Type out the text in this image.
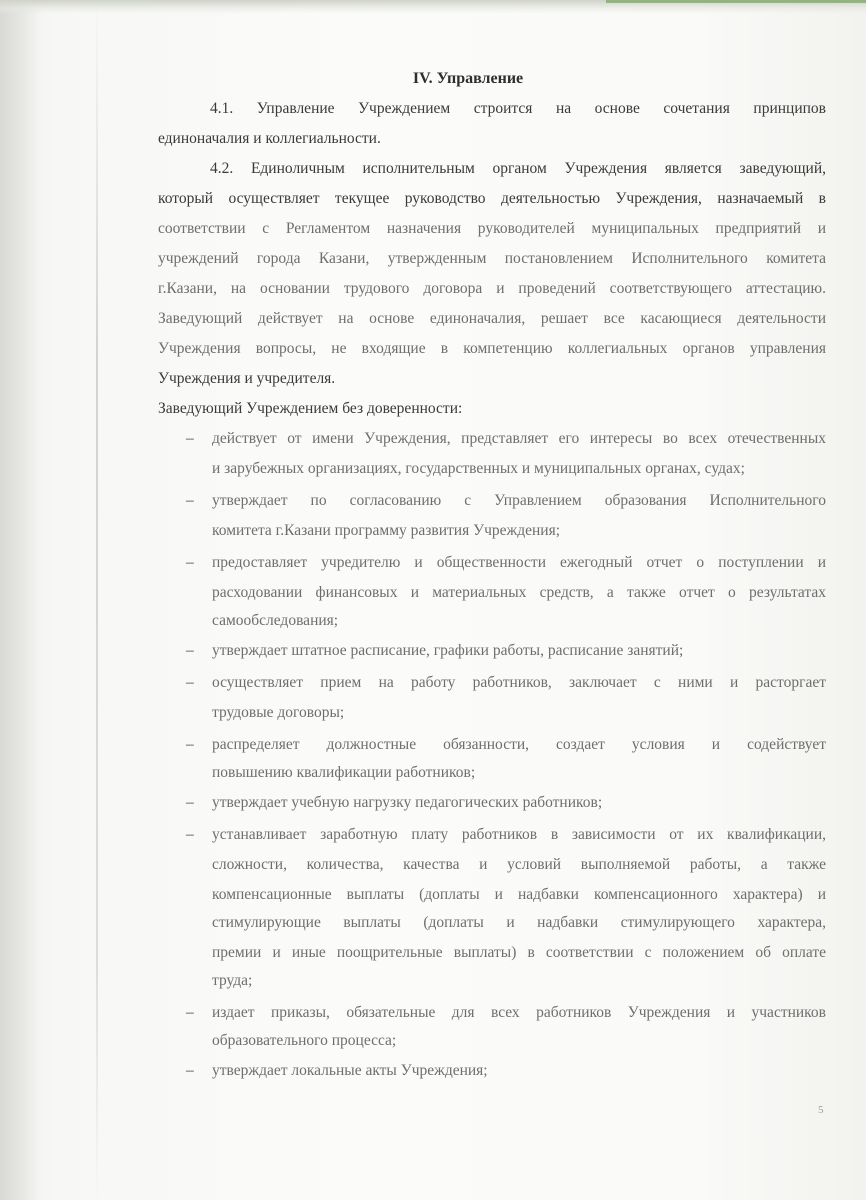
IV. Управление
4.1. Управление Учреждением строится на основе сочетания принципов
единоначалия и коллегиальности.
4.2. Единоличным исполнительным органом Учреждения является заведующий,
который осуществляет текущее руководство деятельностью Учреждения, назначаемый в
соответствии с Регламентом назначения руководителей муниципальных предприятий и
учреждений города Казани, утвержденным постановлением Исполнительного комитета
г.Казани, на основании трудового договора и проведений соответствующего аттестацию.
Заведующий действует на основе единоначалия, решает все касающиеся деятельности
Учреждения вопросы, не входящие в компетенцию коллегиальных органов управления
Учреждения и учредителя.
Заведующий Учреждением без доверенности:
– действует от имени Учреждения, представляет его интересы во всех отечественных
и зарубежных организациях, государственных и муниципальных органах, судах;
– утверждает по согласованию с Управлением образования Исполнительного
комитета г.Казани программу развития Учреждения;
– предоставляет учредителю и общественности ежегодный отчет о поступлении и
расходовании финансовых и материальных средств, а также отчет о результатах
самообследования;
– утверждает штатное расписание, графики работы, расписание занятий;
– осуществляет прием на работу работников, заключает с ними и расторгает
трудовые договоры;
– распределяет должностные обязанности, создает условия и содействует
повышению квалификации работников;
– утверждает учебную нагрузку педагогических работников;
– устанавливает заработную плату работников в зависимости от их квалификации,
сложности, количества, качества и условий выполняемой работы, а также
компенсационные выплаты (доплаты и надбавки компенсационного характера) и
стимулирующие выплаты (доплаты и надбавки стимулирующего характера,
премии и иные поощрительные выплаты) в соответствии с положением об оплате
труда;
– издает приказы, обязательные для всех работников Учреждения и участников
образовательного процесса;
– утверждает локальные акты Учреждения;
5
